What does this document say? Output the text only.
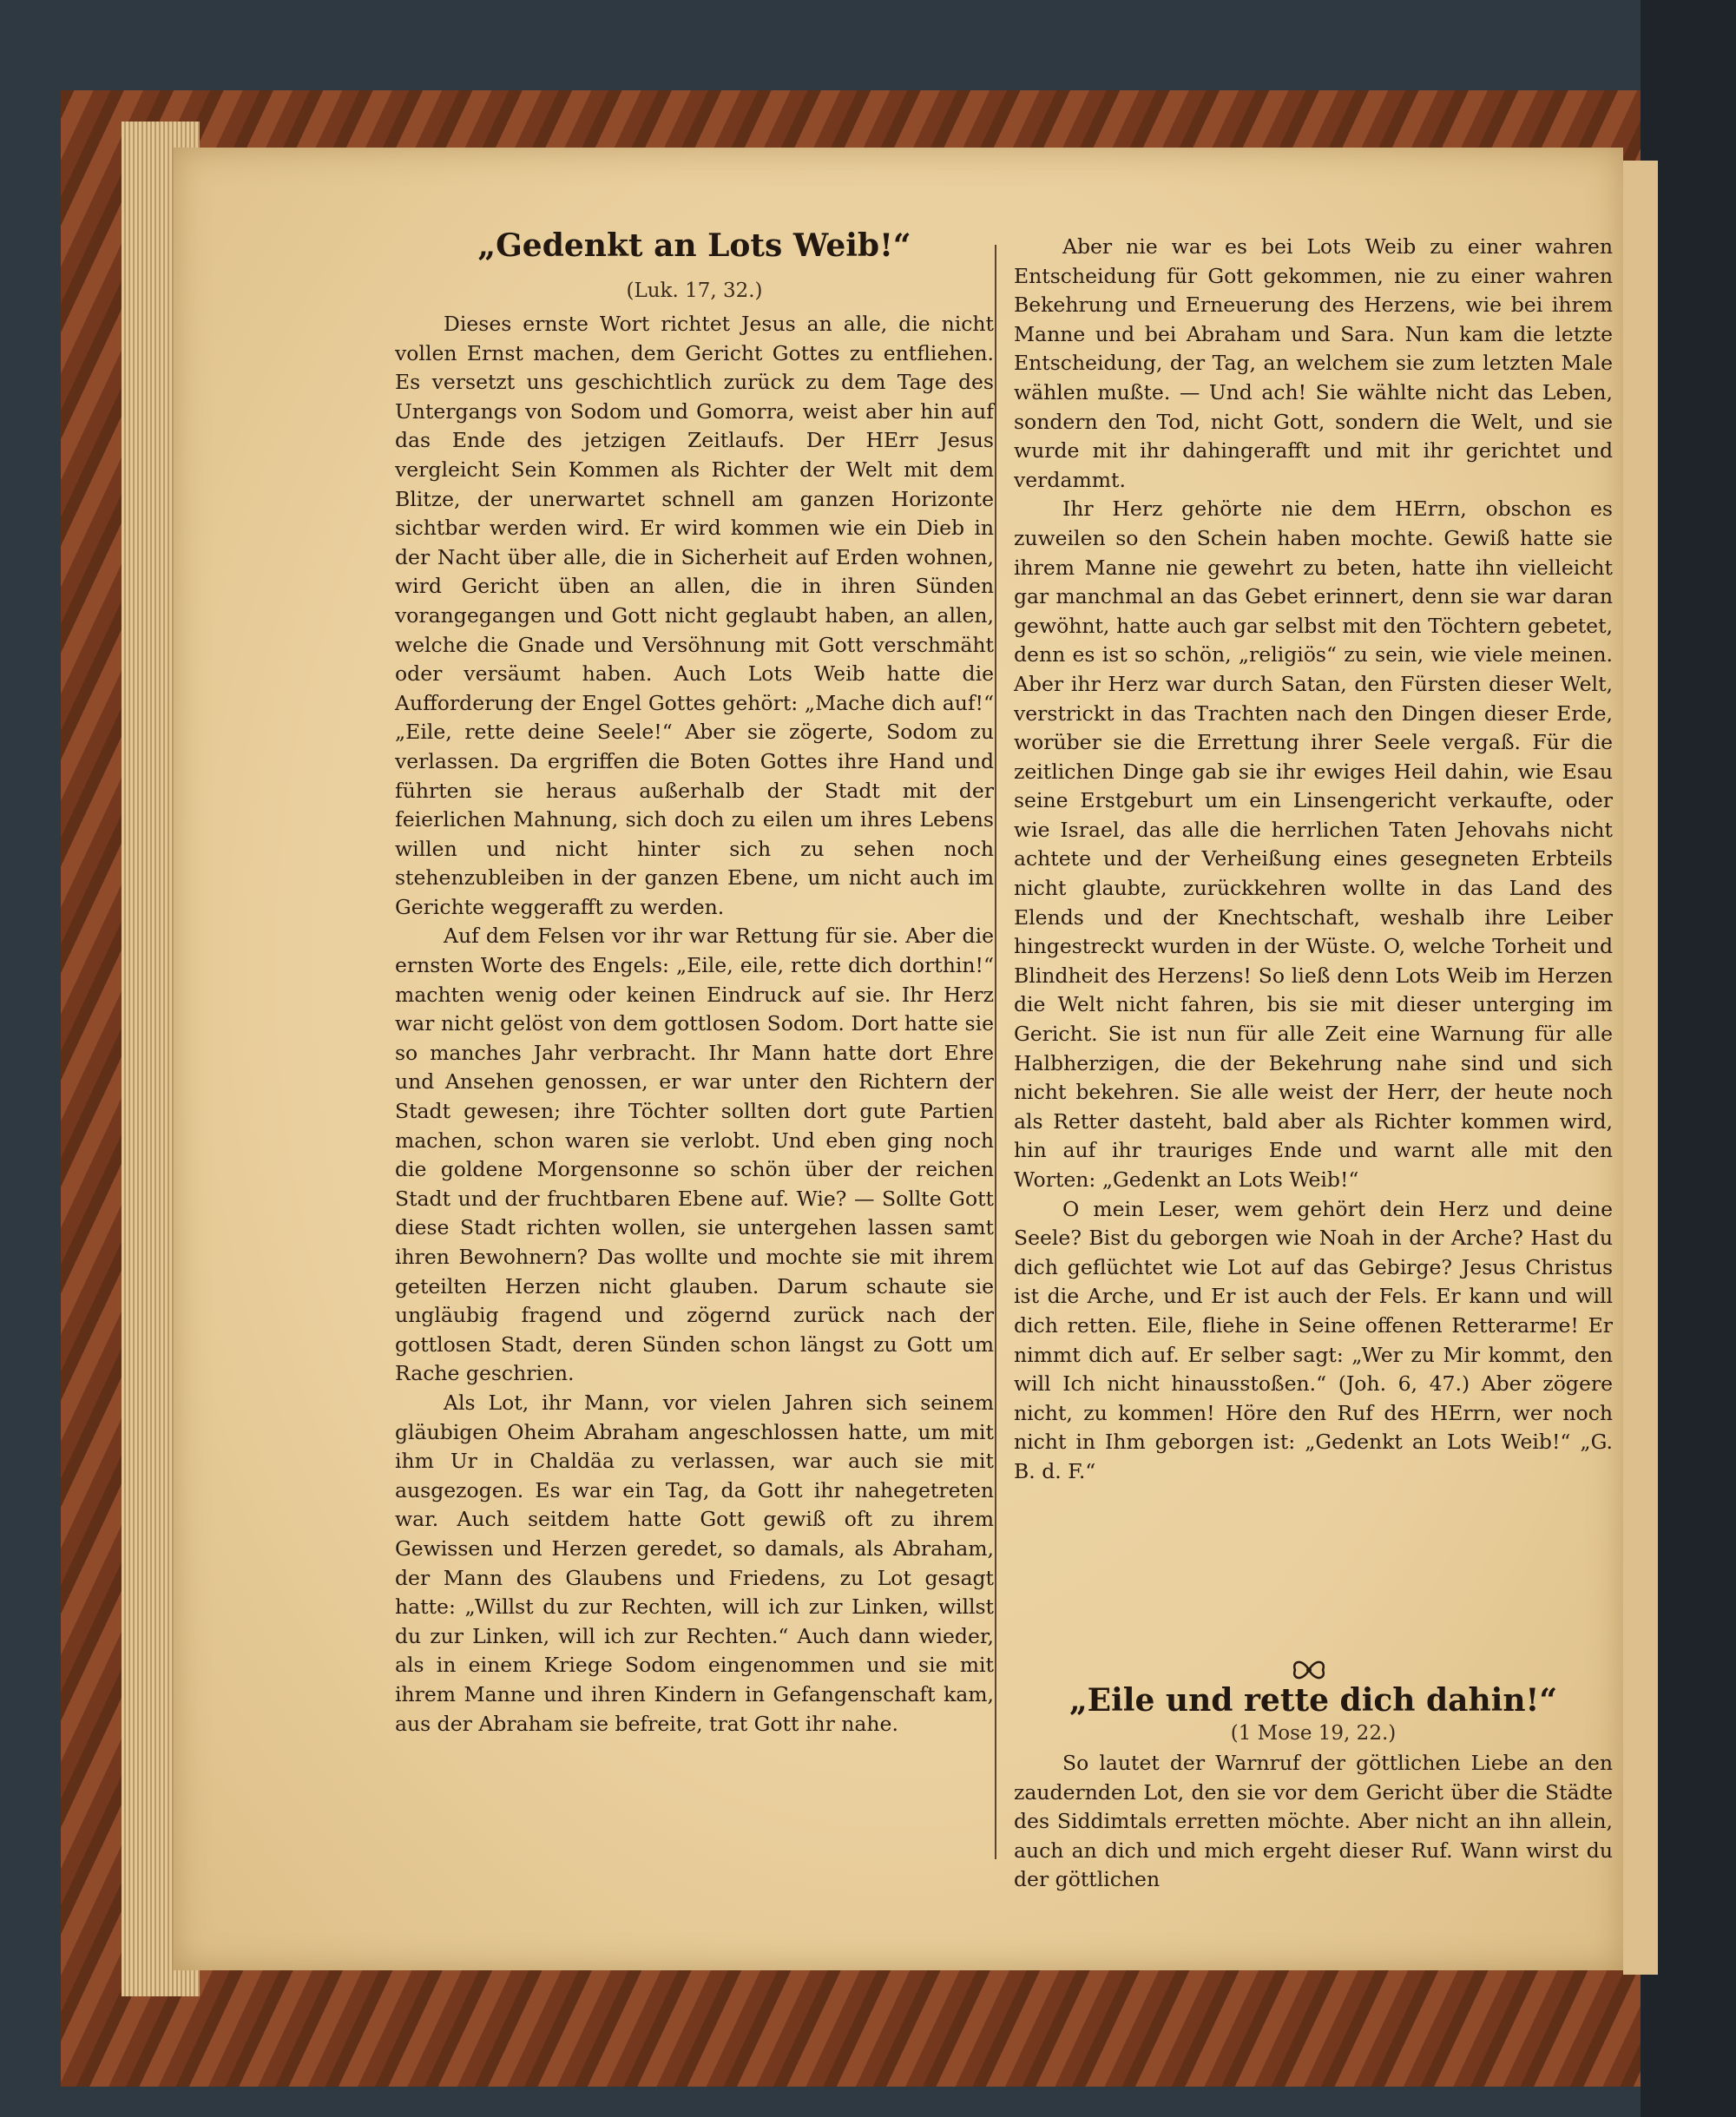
„Gedenkt an Lots Weib!“
(Luk. 17, 32.)

Dieses ernste Wort richtet Jesus an alle, die nicht vollen Ernst machen, dem Gericht Gottes zu entfliehen. Es versetzt uns geschichtlich zurück zu dem Tage des Untergangs von Sodom und Gomorra, weist aber hin auf das Ende des jetzigen Zeitlaufs. Der HErr Jesus vergleicht Sein Kommen als Richter der Welt mit dem Blitze, der unerwartet schnell am ganzen Horizonte sichtbar werden wird. Er wird kommen wie ein Dieb in der Nacht über alle, die in Sicherheit auf Erden wohnen, wird Gericht üben an allen, die in ihren Sünden vorangegangen und Gott nicht geglaubt haben, an allen, welche die Gnade und Versöhnung mit Gott verschmäht oder versäumt haben. Auch Lots Weib hatte die Aufforderung der Engel Gottes gehört: „Mache dich auf!“ „Eile, rette deine Seele!“ Aber sie zögerte, Sodom zu verlassen. Da ergriffen die Boten Gottes ihre Hand und führten sie heraus außerhalb der Stadt mit der feierlichen Mahnung, sich doch zu eilen um ihres Lebens willen und nicht hinter sich zu sehen noch stehenzubleiben in der ganzen Ebene, um nicht auch im Gerichte weggerafft zu werden.

Auf dem Felsen vor ihr war Rettung für sie. Aber die ernsten Worte des Engels: „Eile, eile, rette dich dorthin!“ machten wenig oder keinen Eindruck auf sie. Ihr Herz war nicht gelöst von dem gottlosen Sodom. Dort hatte sie so manches Jahr verbracht. Ihr Mann hatte dort Ehre und Ansehen genossen, er war unter den Richtern der Stadt gewesen; ihre Töchter sollten dort gute Partien machen, schon waren sie verlobt. Und eben ging noch die goldene Morgensonne so schön über der reichen Stadt und der fruchtbaren Ebene auf. Wie? — Sollte Gott diese Stadt richten wollen, sie untergehen lassen samt ihren Bewohnern? Das wollte und mochte sie mit ihrem geteilten Herzen nicht glauben. Darum schaute sie ungläubig fragend und zögernd zurück nach der gottlosen Stadt, deren Sünden schon längst zu Gott um Rache geschrien.

Als Lot, ihr Mann, vor vielen Jahren sich seinem gläubigen Oheim Abraham angeschlossen hatte, um mit ihm Ur in Chaldäa zu verlassen, war auch sie mit ausgezogen. Es war ein Tag, da Gott ihr nahegetreten war. Auch seitdem hatte Gott gewiß oft zu ihrem Gewissen und Herzen geredet, so damals, als Abraham, der Mann des Glaubens und Friedens, zu Lot gesagt hatte: „Willst du zur Rechten, will ich zur Linken, willst du zur Linken, will ich zur Rechten.“ Auch dann wieder, als in einem Kriege Sodom eingenommen und sie mit ihrem Manne und ihren Kindern in Gefangenschaft kam, aus der Abraham sie befreite, trat Gott ihr nahe.

Aber nie war es bei Lots Weib zu einer wahren Entscheidung für Gott gekommen, nie zu einer wahren Bekehrung und Erneuerung des Herzens, wie bei ihrem Manne und bei Abraham und Sara. Nun kam die letzte Entscheidung, der Tag, an welchem sie zum letzten Male wählen mußte. — Und ach! Sie wählte nicht das Leben, sondern den Tod, nicht Gott, sondern die Welt, und sie wurde mit ihr dahingerafft und mit ihr gerichtet und verdammt.

Ihr Herz gehörte nie dem HErrn, obschon es zuweilen so den Schein haben mochte. Gewiß hatte sie ihrem Manne nie gewehrt zu beten, hatte ihn vielleicht gar manchmal an das Gebet erinnert, denn sie war daran gewöhnt, hatte auch gar selbst mit den Töchtern gebetet, denn es ist so schön, „religiös“ zu sein, wie viele meinen. Aber ihr Herz war durch Satan, den Fürsten dieser Welt, verstrickt in das Trachten nach den Dingen dieser Erde, worüber sie die Errettung ihrer Seele vergaß. Für die zeitlichen Dinge gab sie ihr ewiges Heil dahin, wie Esau seine Erstgeburt um ein Linsengericht verkaufte, oder wie Israel, das alle die herrlichen Taten Jehovahs nicht achtete und der Verheißung eines gesegneten Erbteils nicht glaubte, zurückkehren wollte in das Land des Elends und der Knechtschaft, weshalb ihre Leiber hingestreckt wurden in der Wüste. O, welche Torheit und Blindheit des Herzens! So ließ denn Lots Weib im Herzen die Welt nicht fahren, bis sie mit dieser unterging im Gericht. Sie ist nun für alle Zeit eine Warnung für alle Halbherzigen, die der Bekehrung nahe sind und sich nicht bekehren. Sie alle weist der Herr, der heute noch als Retter dasteht, bald aber als Richter kommen wird, hin auf ihr trauriges Ende und warnt alle mit den Worten: „Gedenkt an Lots Weib!“

O mein Leser, wem gehört dein Herz und deine Seele? Bist du geborgen wie Noah in der Arche? Hast du dich geflüchtet wie Lot auf das Gebirge? Jesus Christus ist die Arche, und Er ist auch der Fels. Er kann und will dich retten. Eile, fliehe in Seine offenen Retterarme! Er nimmt dich auf. Er selber sagt: „Wer zu Mir kommt, den will Ich nicht hinausstoßen.“ (Joh. 6, 47.) Aber zögere nicht, zu kommen! Höre den Ruf des HErrn, wer noch nicht in Ihm geborgen ist: „Gedenkt an Lots Weib!“ „G. B. d. F.“

„Eile und rette dich dahin!“
(1 Mose 19, 22.)

So lautet der Warnruf der göttlichen Liebe an den zaudernden Lot, den sie vor dem Gericht über die Städte des Siddimtals erretten möchte. Aber nicht an ihn allein, auch an dich und mich ergeht dieser Ruf. Wann wirst du der göttlichen
